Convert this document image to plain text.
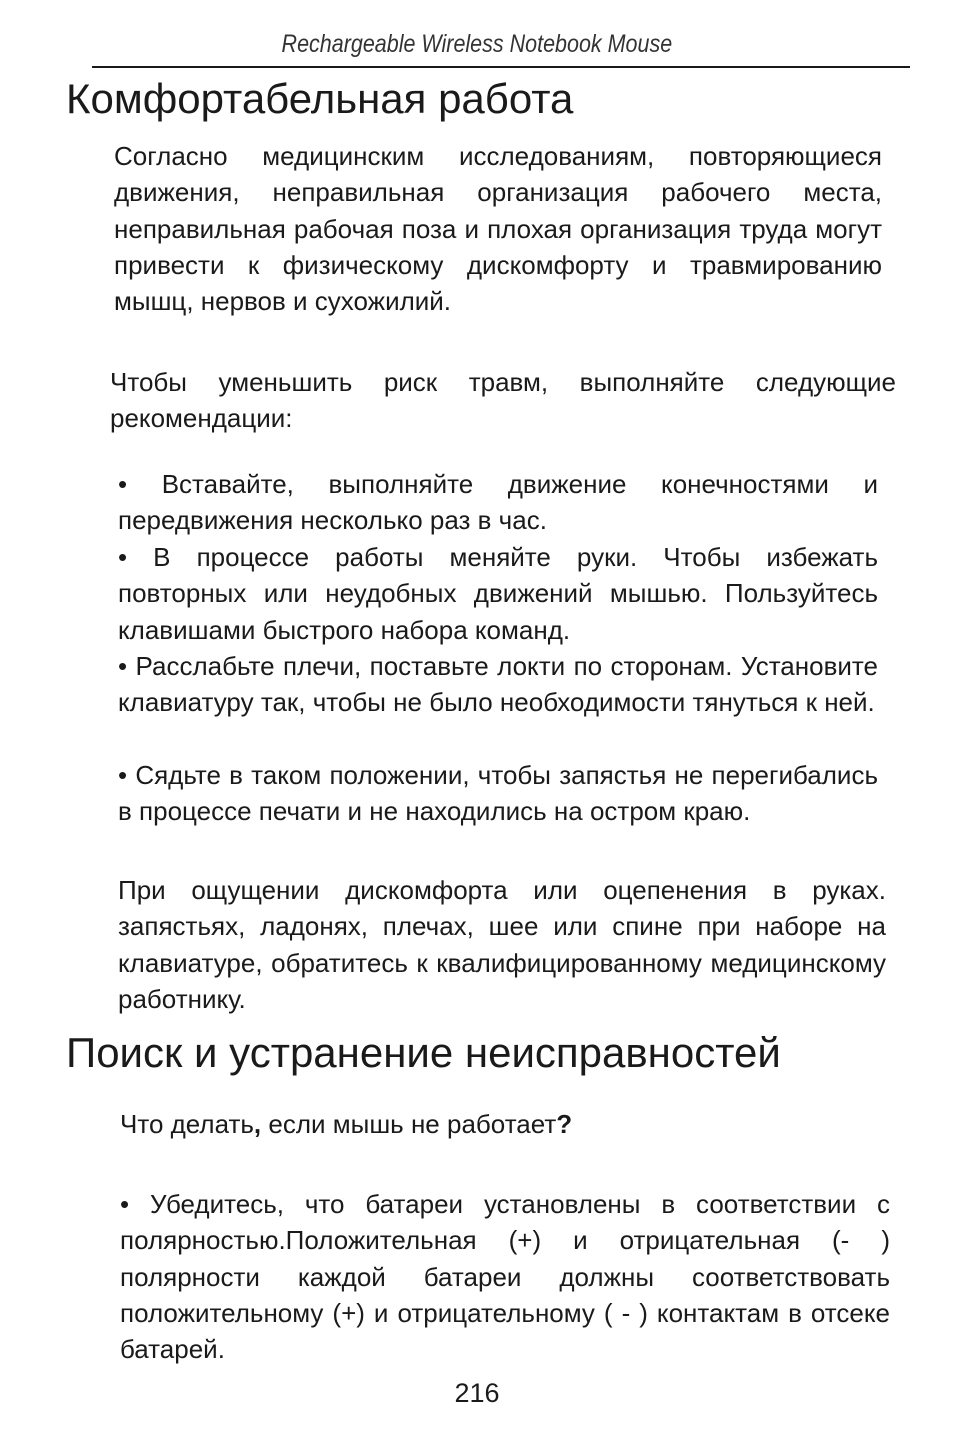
Rechargeable Wireless Notebook Mouse
Комфортабельная работа

Согласно медицинским исследованиям, повторяющиеся движения, неправильная организация рабочего места, неправильная рабочая поза и плохая организация труда могут привести к физическому дискомфорту и травмированию мышц, нервов и сухожилий.

Чтобы уменьшить риск травм, выполняйте следующие рекомендации:

• Вставайте, выполняйте движение конечностями и передвижения несколько раз в час.

• В процессе работы меняйте руки. Чтобы избежать повторных или неудобных движений мышью. Пользуйтесь клавишами быстрого набора команд.

• Расслабьте плечи, поставьте локти по сторонам. Установите клавиатуру так, чтобы не было необходимости тянуться к ней.

• Сядьте в таком положении, чтобы запястья не перегибались в процессе печати и не находились на остром краю.

При ощущении дискомфорта или оцепенения в руках. запястьях, ладонях, плечах, шее или спине при наборе на клавиатуре, обратитесь к квалифицированному медицинскому работнику.

Поиск и устранение неисправностей

Что делать, если мышь не работает?

• Убедитесь, что батареи установлены в соответствии с полярностью.Положительная (+) и отрицательная (- ) полярности каждой батареи должны соответствовать положительному (+) и отрицательному ( - ) контактам в отсеке батарей.

216
